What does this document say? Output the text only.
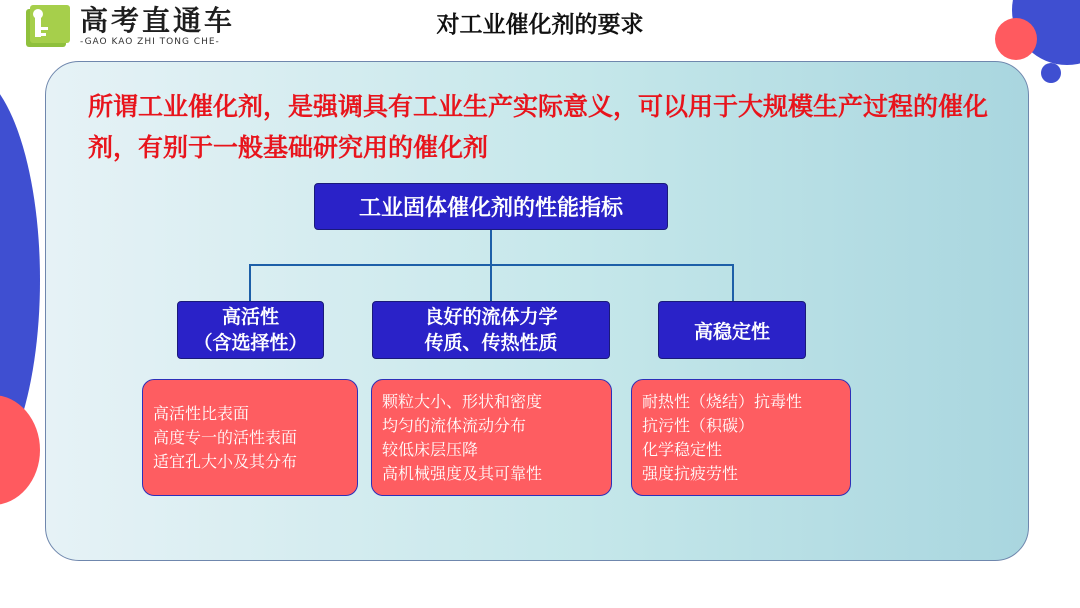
高考直通车
-GAO KAO ZHI TONG CHE-
对工业催化剂的要求
所谓工业催化剂，是强调具有工业生产实际意义，可以用于大规模生产过程的催化剂，有别于一般基础研究用的催化剂
工业固体催化剂的性能指标
高活性
（含选择性）
良好的流体力学
传质、传热性质
高稳定性
高活性比表面
高度专一的活性表面
适宜孔大小及其分布
颗粒大小、形状和密度
均匀的流体流动分布
较低床层压降
高机械强度及其可靠性
耐热性（烧结）抗毒性
抗污性（积碳）
化学稳定性
强度抗疲劳性
